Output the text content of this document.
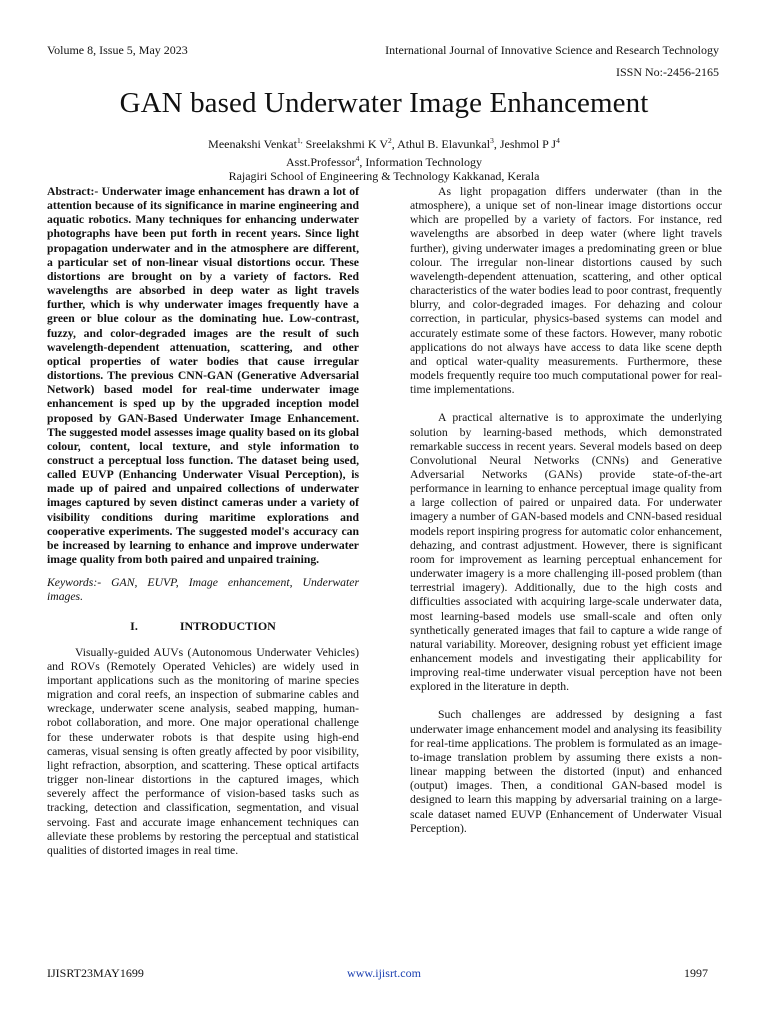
Volume 8, Issue 5, May 2023	International Journal of Innovative Science and Research Technology
ISSN No:-2456-2165
GAN based Underwater Image Enhancement
Meenakshi Venkat$^{1,}$ Sreelakshmi K $V^2$, Athul B. Elavunkal$^3$, Jeshmol P $J^4$
Asst.Professor$^4$, Information Technology
Rajagiri School of Engineering & Technology Kakkanad, Kerala

Abstract:- Underwater image enhancement has drawn a lot of attention because of its significance in marine engineering and aquatic robotics. Many techniques for enhancing underwater photographs have been put forth in recent years. Since light propagation underwater and in the atmosphere are different, a particular set of non-linear visual distortions occur. These distortions are brought on by a variety of factors. Red wavelengths are absorbed in deep water as light travels further, which is why underwater images frequently have a green or blue colour as the dominating hue. Low-contrast, fuzzy, and color-degraded images are the result of such wavelength-dependent attenuation, scattering, and other optical properties of water bodies that cause irregular distortions. The previous CNN-GAN (Generative Adversarial Network) based model for real-time underwater image enhancement is sped up by the upgraded inception model proposed by GAN-Based Underwater Image Enhancement. The suggested model assesses image quality based on its global colour, content, local texture, and style information to construct a perceptual loss function. The dataset being used, called EUVP (Enhancing Underwater Visual Perception), is made up of paired and unpaired collections of underwater images captured by seven distinct cameras under a variety of visibility conditions during maritime explorations and cooperative experiments. The suggested model's accuracy can be increased by learning to enhance and improve underwater image quality from both paired and unpaired training.

Keywords:- GAN, EUVP, Image enhancement, Underwater images.

I.	INTRODUCTION

Visually-guided AUVs (Autonomous Underwater Vehicles) and ROVs (Remotely Operated Vehicles) are widely used in important applications such as the monitoring of marine species migration and coral reefs, an inspection of submarine cables and wreckage, underwater scene analysis, seabed mapping, human-robot collaboration, and more. One major operational challenge for these underwater robots is that despite using high-end cameras, visual sensing is often greatly affected by poor visibility, light refraction, absorption, and scattering. These optical artifacts trigger non-linear distortions in the captured images, which severely affect the performance of vision-based tasks such as tracking, detection and classification, segmentation, and visual servoing. Fast and accurate image enhancement techniques can alleviate these problems by restoring the perceptual and statistical qualities of distorted images in real time.

As light propagation differs underwater (than in the atmosphere), a unique set of non-linear image distortions occur which are propelled by a variety of factors. For instance, red wavelengths are absorbed in deep water (where light travels further), giving underwater images a predominating green or blue colour. The irregular non-linear distortions caused by such wavelength-dependent attenuation, scattering, and other optical characteristics of the water bodies lead to poor contrast, frequently blurry, and color-degraded images. For dehazing and colour correction, in particular, physics-based systems can model and accurately estimate some of these factors. However, many robotic applications do not always have access to data like scene depth and optical water-quality measurements. Furthermore, these models frequently require too much computational power for real-time implementations.

A practical alternative is to approximate the underlying solution by learning-based methods, which demonstrated remarkable success in recent years. Several models based on deep Convolutional Neural Networks (CNNs) and Generative Adversarial Networks (GANs) provide state-of-the-art performance in learning to enhance perceptual image quality from a large collection of paired or unpaired data. For underwater imagery a number of GAN-based models and CNN-based residual models report inspiring progress for automatic color enhancement, dehazing, and contrast adjustment. However, there is significant room for improvement as learning perceptual enhancement for underwater imagery is a more challenging ill-posed problem (than terrestrial imagery). Additionally, due to the high costs and difficulties associated with acquiring large-scale underwater data, most learning-based models use small-scale and often only synthetically generated images that fail to capture a wide range of natural variability. Moreover, designing robust yet efficient image enhancement models and investigating their applicability for improving real-time underwater visual perception have not been explored in the literature in depth.

Such challenges are addressed by designing a fast underwater image enhancement model and analysing its feasibility for real-time applications. The problem is formulated as an image-to-image translation problem by assuming there exists a non-linear mapping between the distorted (input) and enhanced (output) images. Then, a conditional GAN-based model is designed to learn this mapping by adversarial training on a large-scale dataset named EUVP (Enhancement of Underwater Visual Perception).

IJISRT23MAY1699	www.ijisrt.com	1997
